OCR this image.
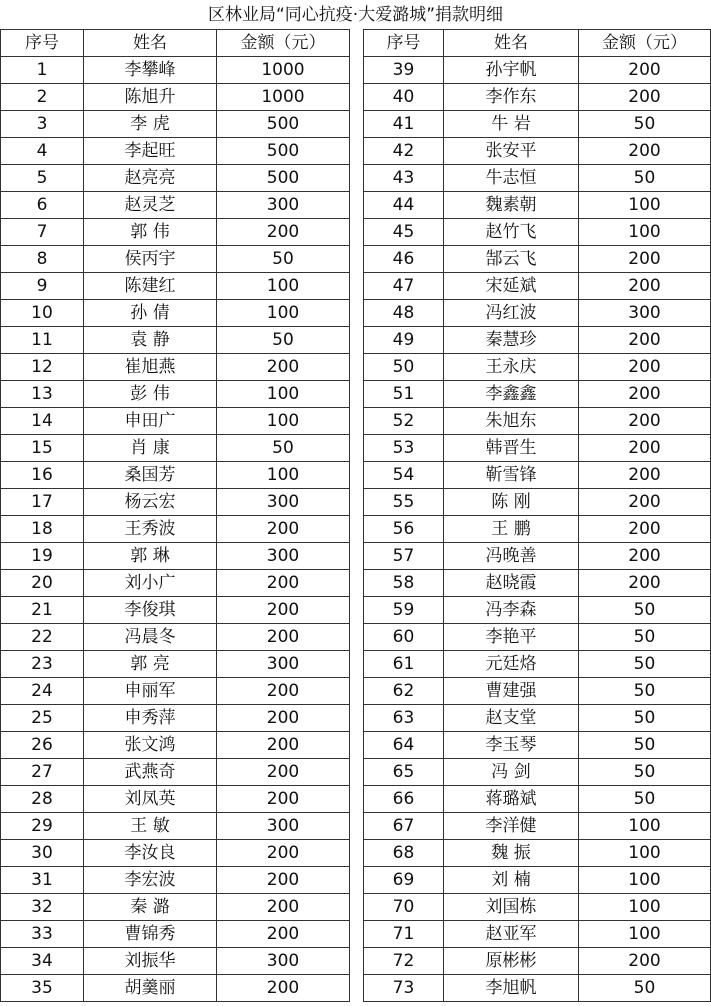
区林业局“同心抗疫·大爱潞城”捐款明细
序号	姓名	金额（元）		序号	姓名	金额（元）
1	李攀峰	1000		39	孙宇帆	200
2	陈旭升	1000		40	李作东	200
3	李 虎	500		41	牛 岩	50
4	李起旺	500		42	张安平	200
5	赵亮亮	500		43	牛志恒	50
6	赵灵芝	300		44	魏素朝	100
7	郭 伟	200		45	赵竹飞	100
8	侯丙宇	50		46	郜云飞	200
9	陈建红	100		47	宋延斌	200
10	孙 倩	100		48	冯红波	300
11	袁 静	50		49	秦慧珍	200
12	崔旭燕	200		50	王永庆	200
13	彭 伟	100		51	李鑫鑫	200
14	申田广	100		52	朱旭东	200
15	肖 康	50		53	韩晋生	200
16	桑国芳	100		54	靳雪锋	200
17	杨云宏	300		55	陈 刚	200
18	王秀波	200		56	王 鹏	200
19	郭 琳	300		57	冯晚善	200
20	刘小广	200		58	赵晓霞	200
21	李俊琪	200		59	冯李森	50
22	冯晨冬	200		60	李艳平	50
23	郭 亮	300		61	元廷烙	50
24	申丽军	200		62	曹建强	50
25	申秀萍	200		63	赵支堂	50
26	张文鸿	200		64	李玉琴	50
27	武燕奇	200		65	冯 剑	50
28	刘凤英	200		66	蒋璐斌	50
29	王 敏	300		67	李洋健	100
30	李汝良	200		68	魏 振	100
31	李宏波	200		69	刘 楠	100
32	秦 潞	200		70	刘国栋	100
33	曹锦秀	200		71	赵亚军	100
34	刘振华	300		72	原彬彬	200
35	胡羹丽	200		73	李旭帆	50
